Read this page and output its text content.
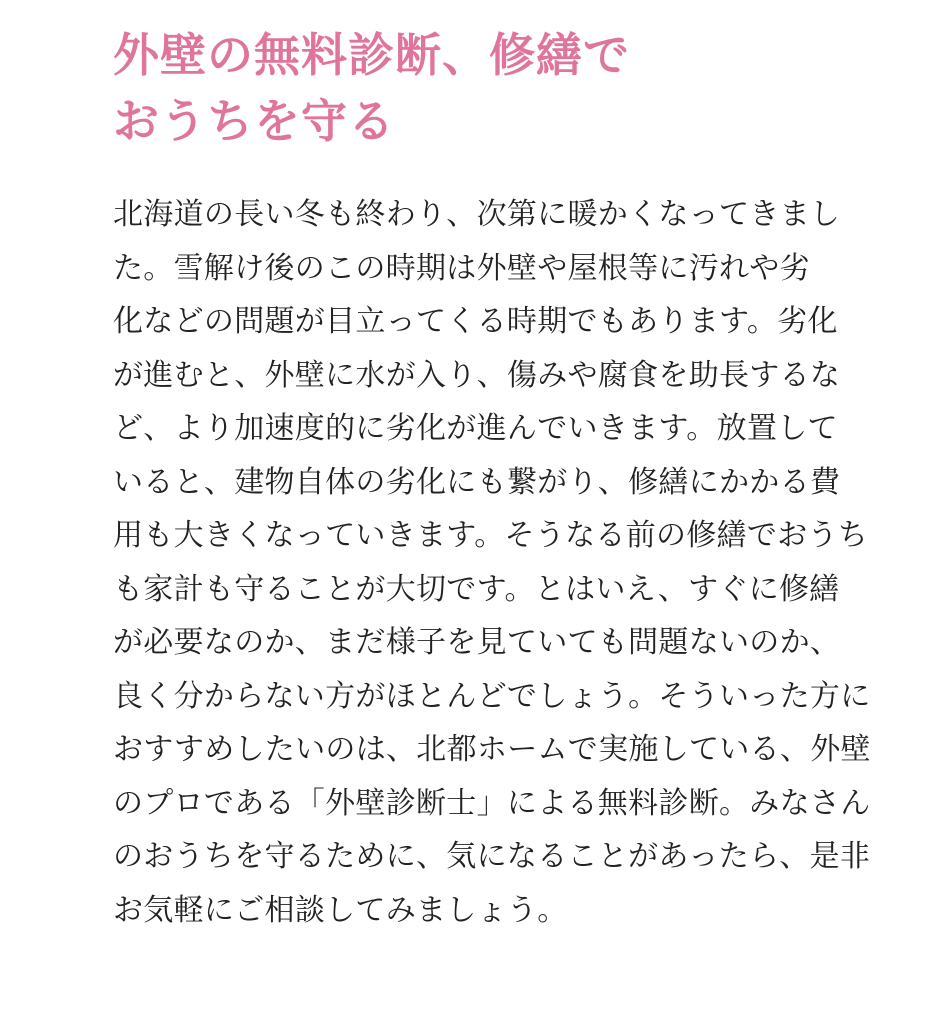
外壁の無料診断、修繕で
おうちを守る

北海道の長い冬も終わり、次第に暖かくなってきまし
た。雪解け後のこの時期は外壁や屋根等に汚れや劣
化などの問題が目立ってくる時期でもあります。劣化
が進むと、外壁に水が入り、傷みや腐食を助長するな
ど、より加速度的に劣化が進んでいきます。放置して
いると、建物自体の劣化にも繋がり、修繕にかかる費
用も大きくなっていきます。そうなる前の修繕でおうち
も家計も守ることが大切です。とはいえ、すぐに修繕
が必要なのか、まだ様子を見ていても問題ないのか、
良く分からない方がほとんどでしょう。そういった方に
おすすめしたいのは、北都ホームで実施している、外壁
のプロである「外壁診断士」による無料診断。みなさん
のおうちを守るために、気になることがあったら、是非
お気軽にご相談してみましょう。
